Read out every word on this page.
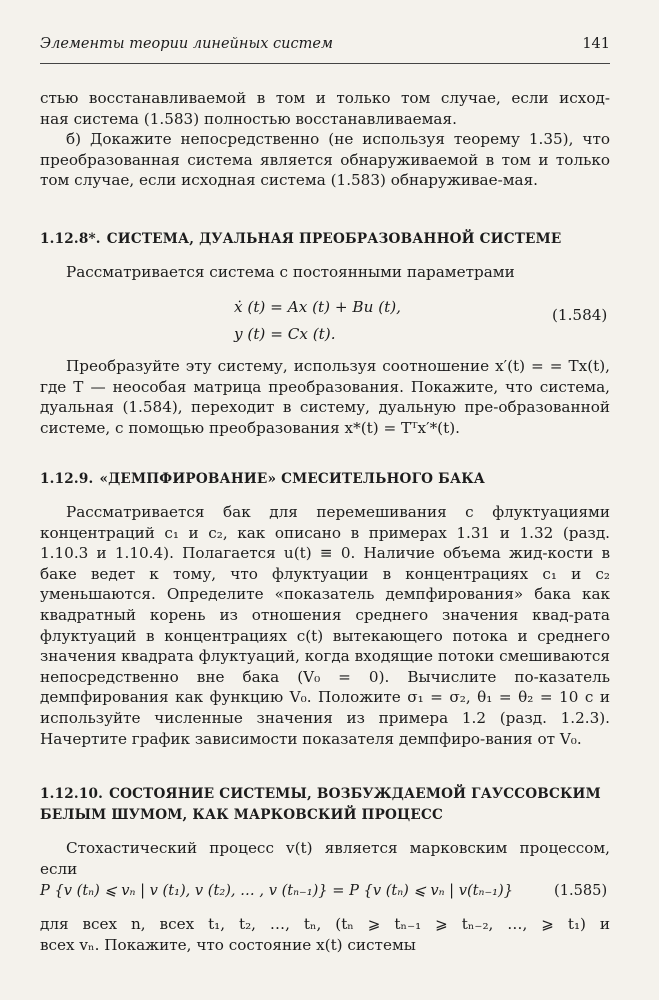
Элементы теории линейных систем	141

стью восстанавливаемой в том и только том случае, если исход-

ная система (1.583) полностью восстанавливаемая.

б) Докажите непосредственно (не используя теорему 1.35), что преобразованная система является обнаруживаемой в том и только том случае, если исходная система (1.583) обнаруживае-мая.

1.12.8*. СИСТЕМА, ДУАЛЬНАЯ ПРЕОБРАЗОВАННОЙ СИСТЕМЕ
Рассматривается система с постоянными параметрами
ẋ (t) = Ax (t) + Bu (t),
y (t) = Cx (t).
(1.584)
Преобразуйте эту систему, используя соотношение x′(t) = = Tx(t), где T — неособая матрица преобразования. Покажите, что система, дуальная (1.584), переходит в систему, дуальную пре-образованной системе, с помощью преобразования x*(t) = Tᵀx′*(t).
1.12.9. «ДЕМПФИРОВАНИЕ» СМЕСИТЕЛЬНОГО БАКА
Рассматривается бак для перемешивания с флуктуациями концентраций c₁ и c₂, как описано в примерах 1.31 и 1.32 (разд. 1.10.3 и 1.10.4). Полагается u(t) ≡ 0. Наличие объема жид-кости в баке ведет к тому, что флуктуации в концентрациях c₁ и c₂ уменьшаются. Определите «показатель демпфирования» бака как квадратный корень из отношения среднего значения квад-рата флуктуаций в концентрациях c(t) вытекающего потока и среднего значения квадрата флуктуаций, когда входящие потоки смешиваются непосредственно вне бака (V₀ = 0). Вычислите по-казатель демпфирования как функцию V₀. Положите σ₁ = σ₂, θ₁ = θ₂ = 10 с и используйте численные значения из примера 1.2 (разд. 1.2.3). Начертите график зависимости показателя демпфиро-вания от V₀.
1.12.10. СОСТОЯНИЕ СИСТЕМЫ, ВОЗБУЖДАЕМОЙ ГАУССОВСКИМ
БЕЛЫМ ШУМОМ, КАК МАРКОВСКИЙ ПРОЦЕСС
Стохастический процесс v(t) является марковским процессом, если
P {v (tₙ) ⩽ vₙ | v (t₁), v (t₂), … , v (tₙ₋₁)} = P {v (tₙ) ⩽ vₙ | v(tₙ₋₁)}	(1.585)

для всех n, всех t₁, t₂, …, tₙ, (tₙ ⩾ tₙ₋₁ ⩾ tₙ₋₂, …, ⩾ t₁) и

всех vₙ. Покажите, что состояние x(t) системы
